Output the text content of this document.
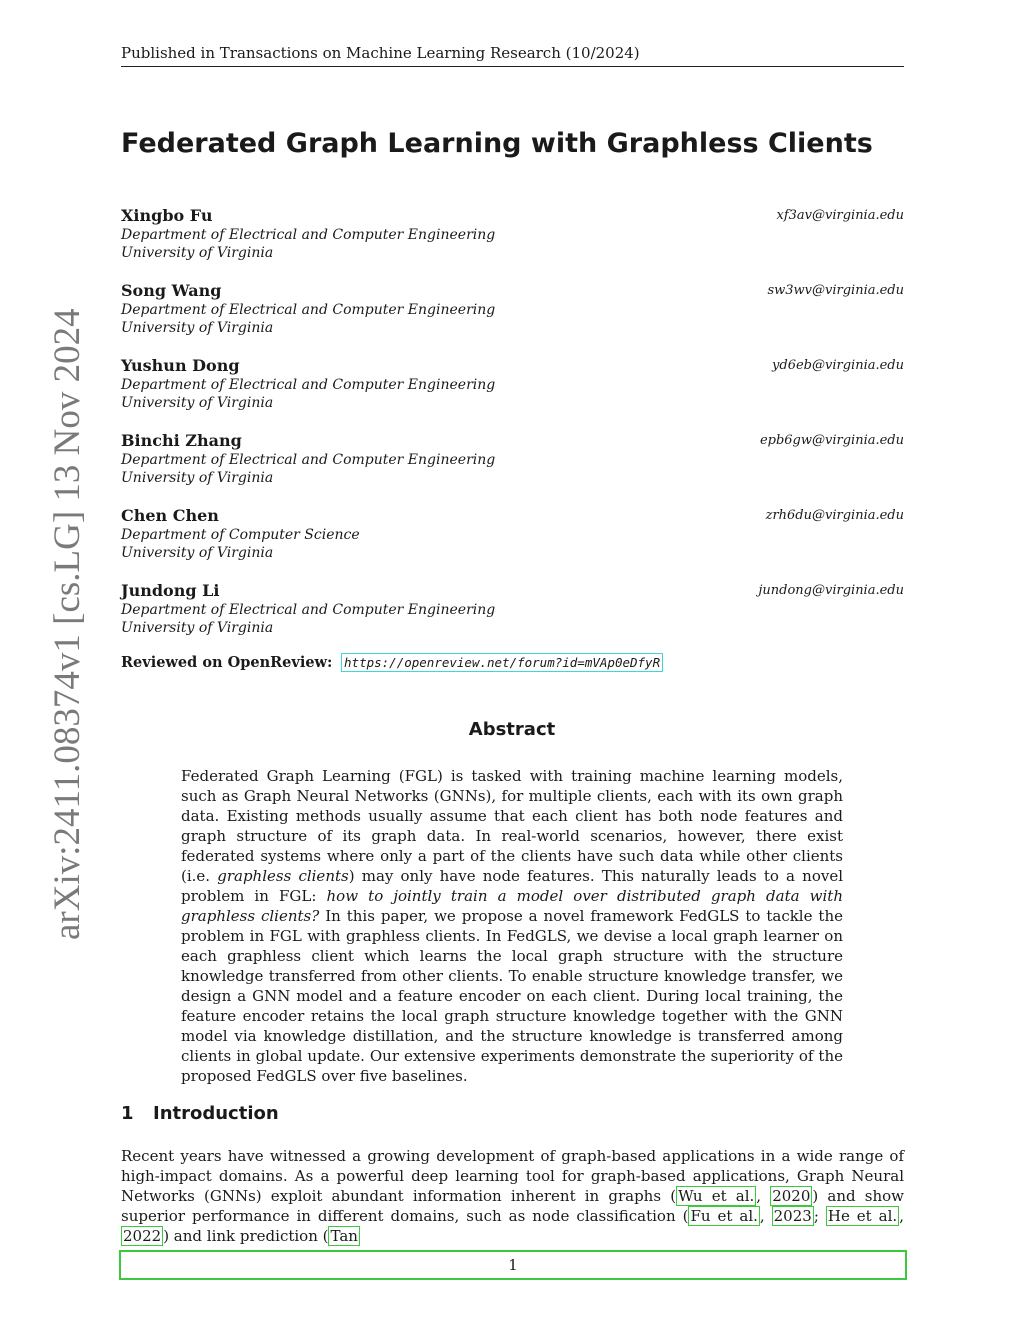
Published in Transactions on Machine Learning Research (10/2024)
arXiv:2411.08374v1 [cs.LG] 13 Nov 2024
Federated Graph Learning with Graphless Clients
Xingbo Fu
Department of Electrical and Computer Engineering
University of Virginia
xf3av@virginia.edu
Song Wang
Department of Electrical and Computer Engineering
University of Virginia
sw3wv@virginia.edu
Yushun Dong
Department of Electrical and Computer Engineering
University of Virginia
yd6eb@virginia.edu
Binchi Zhang
Department of Electrical and Computer Engineering
University of Virginia
epb6gw@virginia.edu
Chen Chen
Department of Computer Science
University of Virginia
zrh6du@virginia.edu
Jundong Li
Department of Electrical and Computer Engineering
University of Virginia
jundong@virginia.edu
Reviewed on OpenReview: https://openreview.net/forum?id=mVAp0eDfyR
Abstract
Federated Graph Learning (FGL) is tasked with training machine learning models, such as Graph Neural Networks (GNNs), for multiple clients, each with its own graph data. Existing methods usually assume that each client has both node features and graph structure of its graph data. In real-world scenarios, however, there exist federated systems where only a part of the clients have such data while other clients (i.e. graphless clients) may only have node features. This naturally leads to a novel problem in FGL: how to jointly train a model over distributed graph data with graphless clients? In this paper, we propose a novel framework FedGLS to tackle the problem in FGL with graphless clients. In FedGLS, we devise a local graph learner on each graphless client which learns the local graph structure with the structure knowledge transferred from other clients. To enable structure knowledge transfer, we design a GNN model and a feature encoder on each client. During local training, the feature encoder retains the local graph structure knowledge together with the GNN model via knowledge distillation, and the structure knowledge is transferred among clients in global update. Our extensive experiments demonstrate the superiority of the proposed FedGLS over five baselines.
1 Introduction
Recent years have witnessed a growing development of graph-based applications in a wide range of high-impact domains. As a powerful deep learning tool for graph-based applications, Graph Neural Networks (GNNs) exploit abundant information inherent in graphs ( Wu et al. , 2020 ) and show superior performance in different domains, such as node classification ( Fu et al. , 2023 ; He et al. , 2022 ) and link prediction ( Tan
1
